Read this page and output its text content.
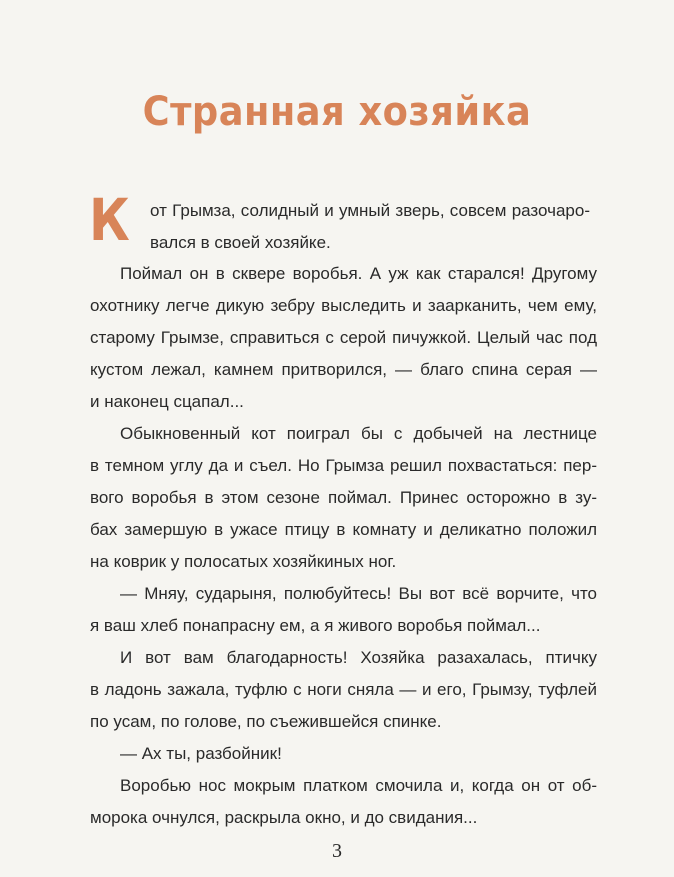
Странная хозяйка
К от Грымза, солидный и умный зверь, совсем разочаро-
вался в своей хозяйке.
Поймал он в сквере воробья. А уж как старался! Другому
охотнику легче дикую зебру выследить и заарканить, чем ему,
старому Грымзе, справиться с серой пичужкой. Целый час под
кустом лежал, камнем притворился, — благо спина серая —
и наконец сцапал...
Обыкновенный кот поиграл бы с добычей на лестнице
в темном углу да и съел. Но Грымза решил похвастаться: пер-
вого воробья в этом сезоне поймал. Принес осторожно в зу-
бах замершую в ужасе птицу в комнату и деликатно положил
на коврик у полосатых хозяйкиных ног.
— Мняу, сударыня, полюбуйтесь! Вы вот всё ворчите, что
я ваш хлеб понапрасну ем, а я живого воробья поймал...
И вот вам благодарность! Хозяйка разахалась, птичку
в ладонь зажала, туфлю с ноги сняла — и его, Грымзу, туфлей
по усам, по голове, по съежившейся спинке.
— Ах ты, разбойник!
Воробью нос мокрым платком смочила и, когда он от об-
морока очнулся, раскрыла окно, и до свидания...
3
